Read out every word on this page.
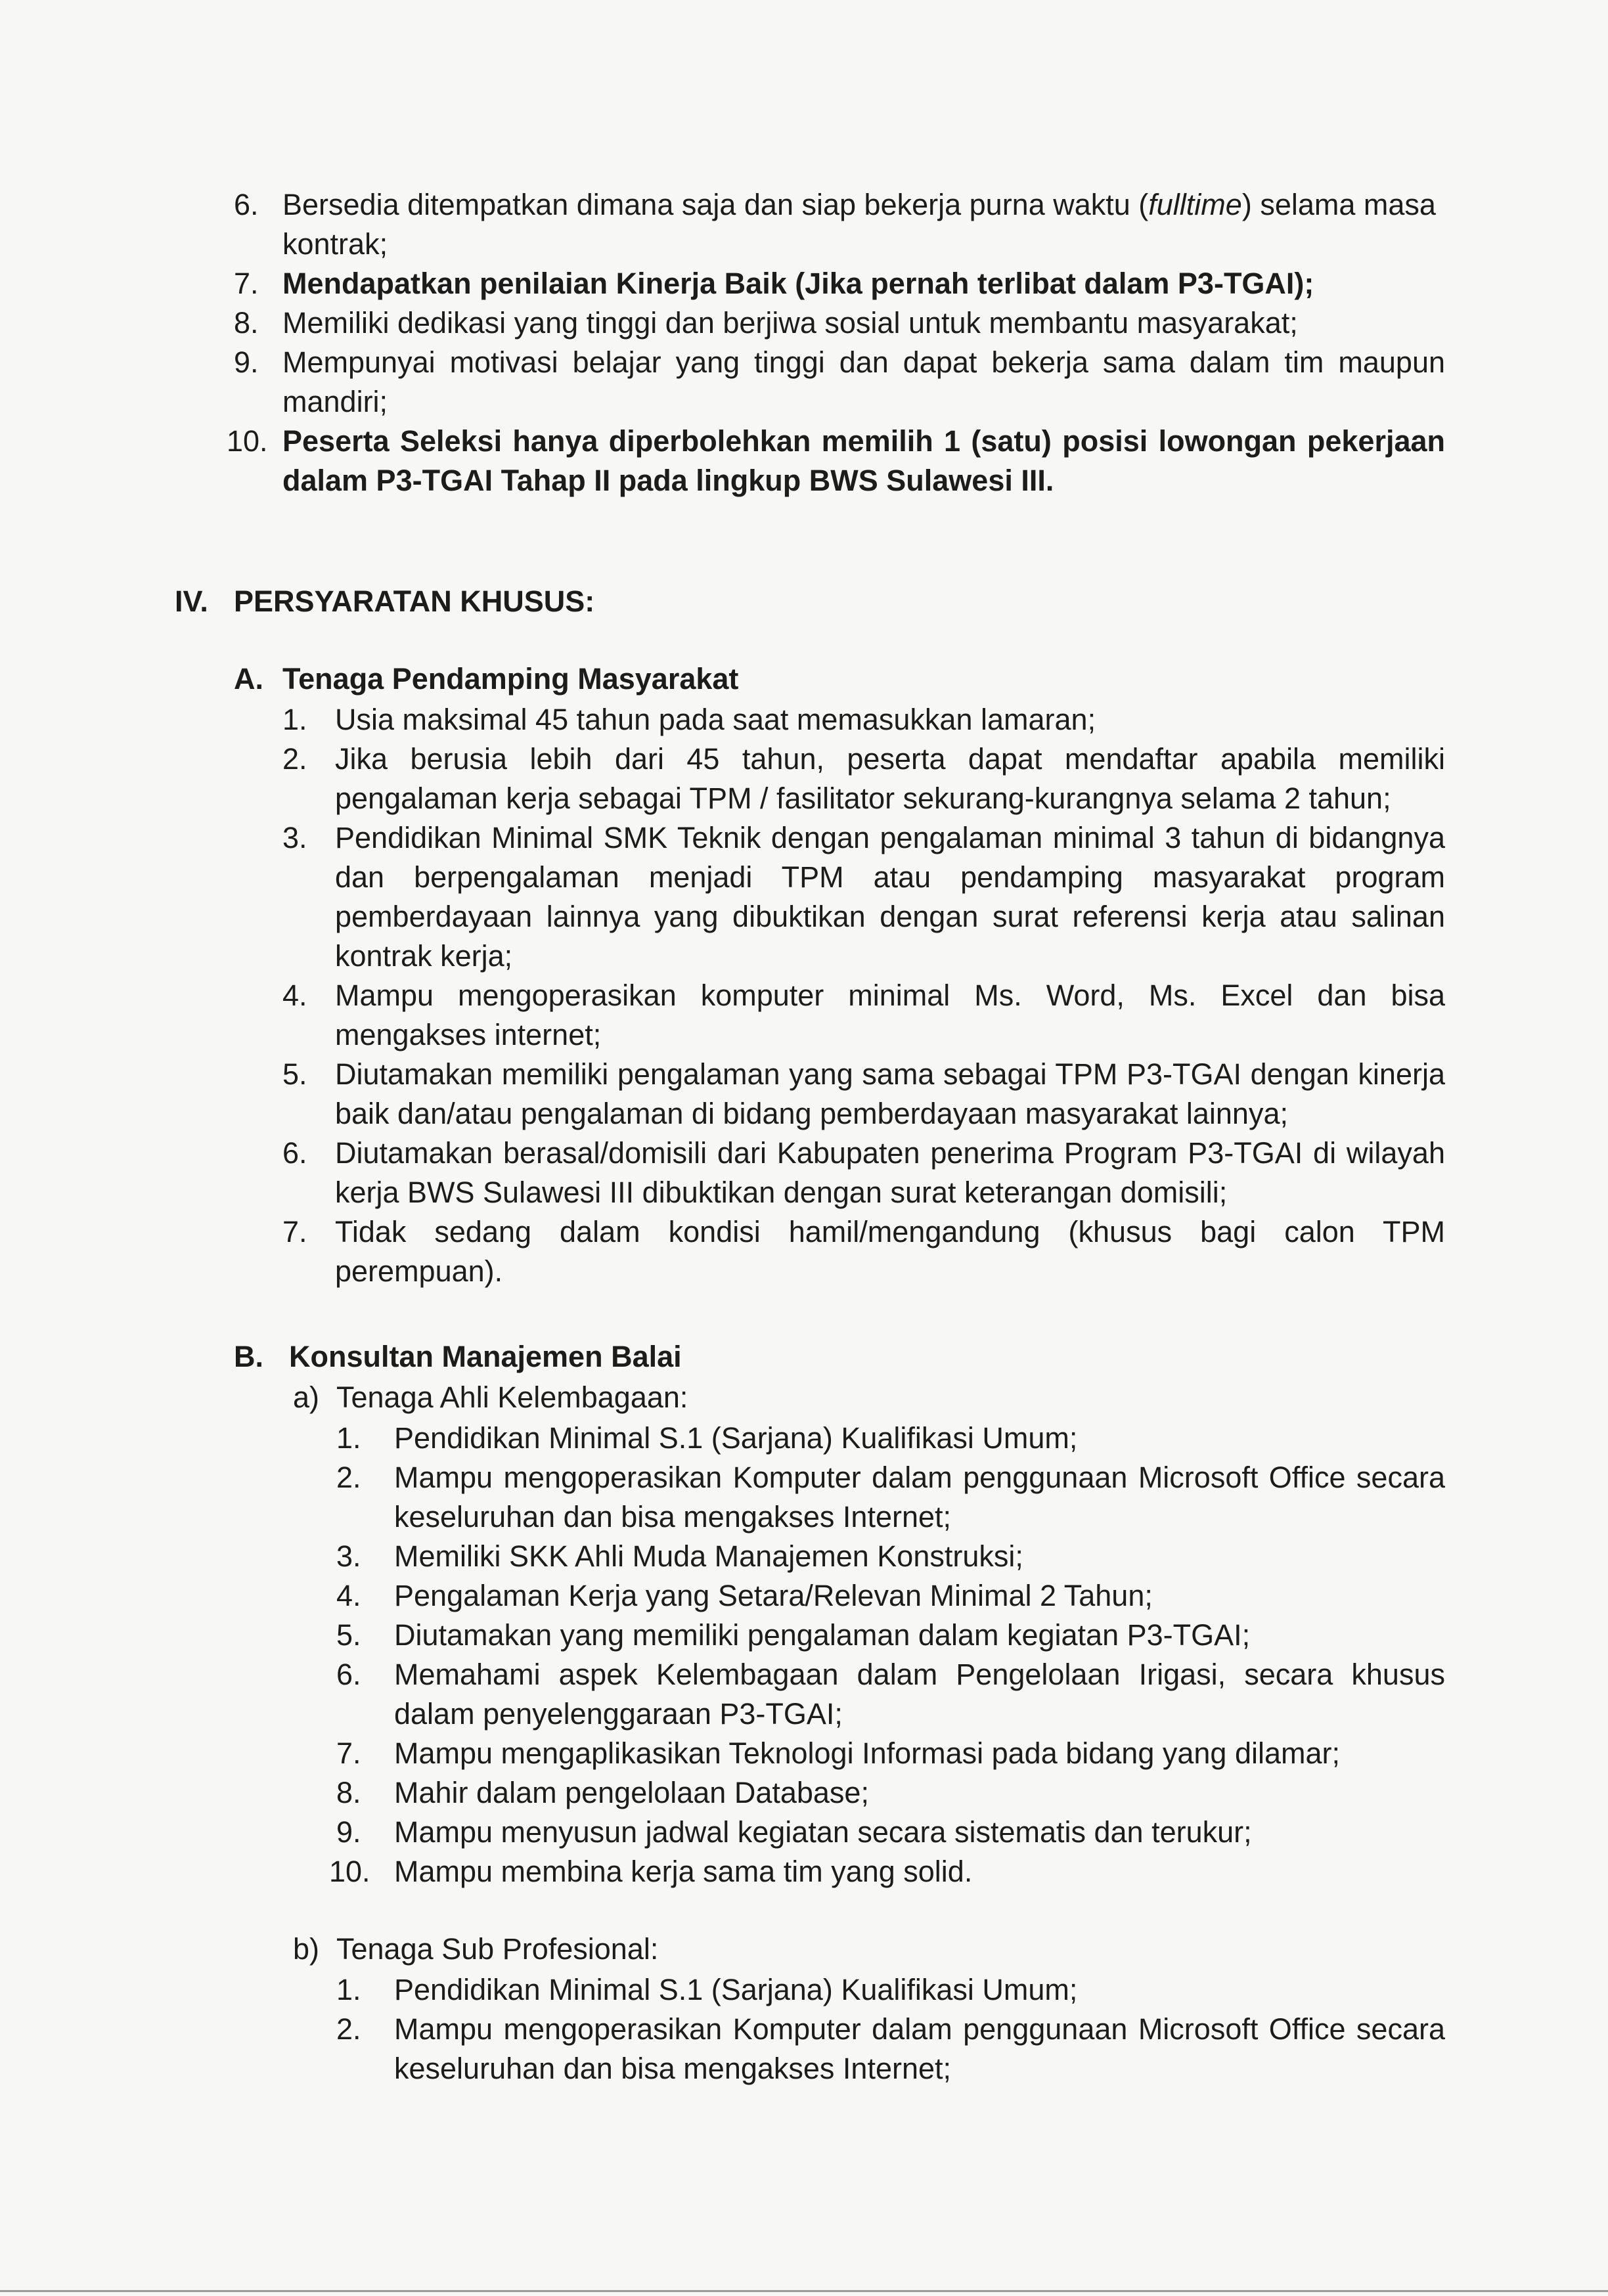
6. Bersedia ditempatkan dimana saja dan siap bekerja purna waktu (fulltime) selama masa
kontrak;
7. Mendapatkan penilaian Kinerja Baik (Jika pernah terlibat dalam P3-TGAI);
8. Memiliki dedikasi yang tinggi dan berjiwa sosial untuk membantu masyarakat;
9. Mempunyai motivasi belajar yang tinggi dan dapat bekerja sama dalam tim maupun
mandiri;
10. Peserta Seleksi hanya diperbolehkan memilih 1 (satu) posisi lowongan pekerjaan
dalam P3-TGAI Tahap II pada lingkup BWS Sulawesi III.
IV. PERSYARATAN KHUSUS:
A. Tenaga Pendamping Masyarakat
1. Usia maksimal 45 tahun pada saat memasukkan lamaran;
2. Jika berusia lebih dari 45 tahun, peserta dapat mendaftar apabila memiliki
pengalaman kerja sebagai TPM / fasilitator sekurang-kurangnya selama 2 tahun;
3. Pendidikan Minimal SMK Teknik dengan pengalaman minimal 3 tahun di bidangnya
dan berpengalaman menjadi TPM atau pendamping masyarakat program
pemberdayaan lainnya yang dibuktikan dengan surat referensi kerja atau salinan
kontrak kerja;
4. Mampu mengoperasikan komputer minimal Ms. Word, Ms. Excel dan bisa
mengakses internet;
5. Diutamakan memiliki pengalaman yang sama sebagai TPM P3-TGAI dengan kinerja
baik dan/atau pengalaman di bidang pemberdayaan masyarakat lainnya;
6. Diutamakan berasal/domisili dari Kabupaten penerima Program P3-TGAI di wilayah
kerja BWS Sulawesi III dibuktikan dengan surat keterangan domisili;
7. Tidak sedang dalam kondisi hamil/mengandung (khusus bagi calon TPM
perempuan).
B. Konsultan Manajemen Balai
a) Tenaga Ahli Kelembagaan:
1. Pendidikan Minimal S.1 (Sarjana) Kualifikasi Umum;
2. Mampu mengoperasikan Komputer dalam penggunaan Microsoft Office secara
keseluruhan dan bisa mengakses Internet;
3. Memiliki SKK Ahli Muda Manajemen Konstruksi;
4. Pengalaman Kerja yang Setara/Relevan Minimal 2 Tahun;
5. Diutamakan yang memiliki pengalaman dalam kegiatan P3-TGAI;
6. Memahami aspek Kelembagaan dalam Pengelolaan Irigasi, secara khusus
dalam penyelenggaraan P3-TGAI;
7. Mampu mengaplikasikan Teknologi Informasi pada bidang yang dilamar;
8. Mahir dalam pengelolaan Database;
9. Mampu menyusun jadwal kegiatan secara sistematis dan terukur;
10. Mampu membina kerja sama tim yang solid.
b) Tenaga Sub Profesional:
1. Pendidikan Minimal S.1 (Sarjana) Kualifikasi Umum;
2. Mampu mengoperasikan Komputer dalam penggunaan Microsoft Office secara
keseluruhan dan bisa mengakses Internet;
